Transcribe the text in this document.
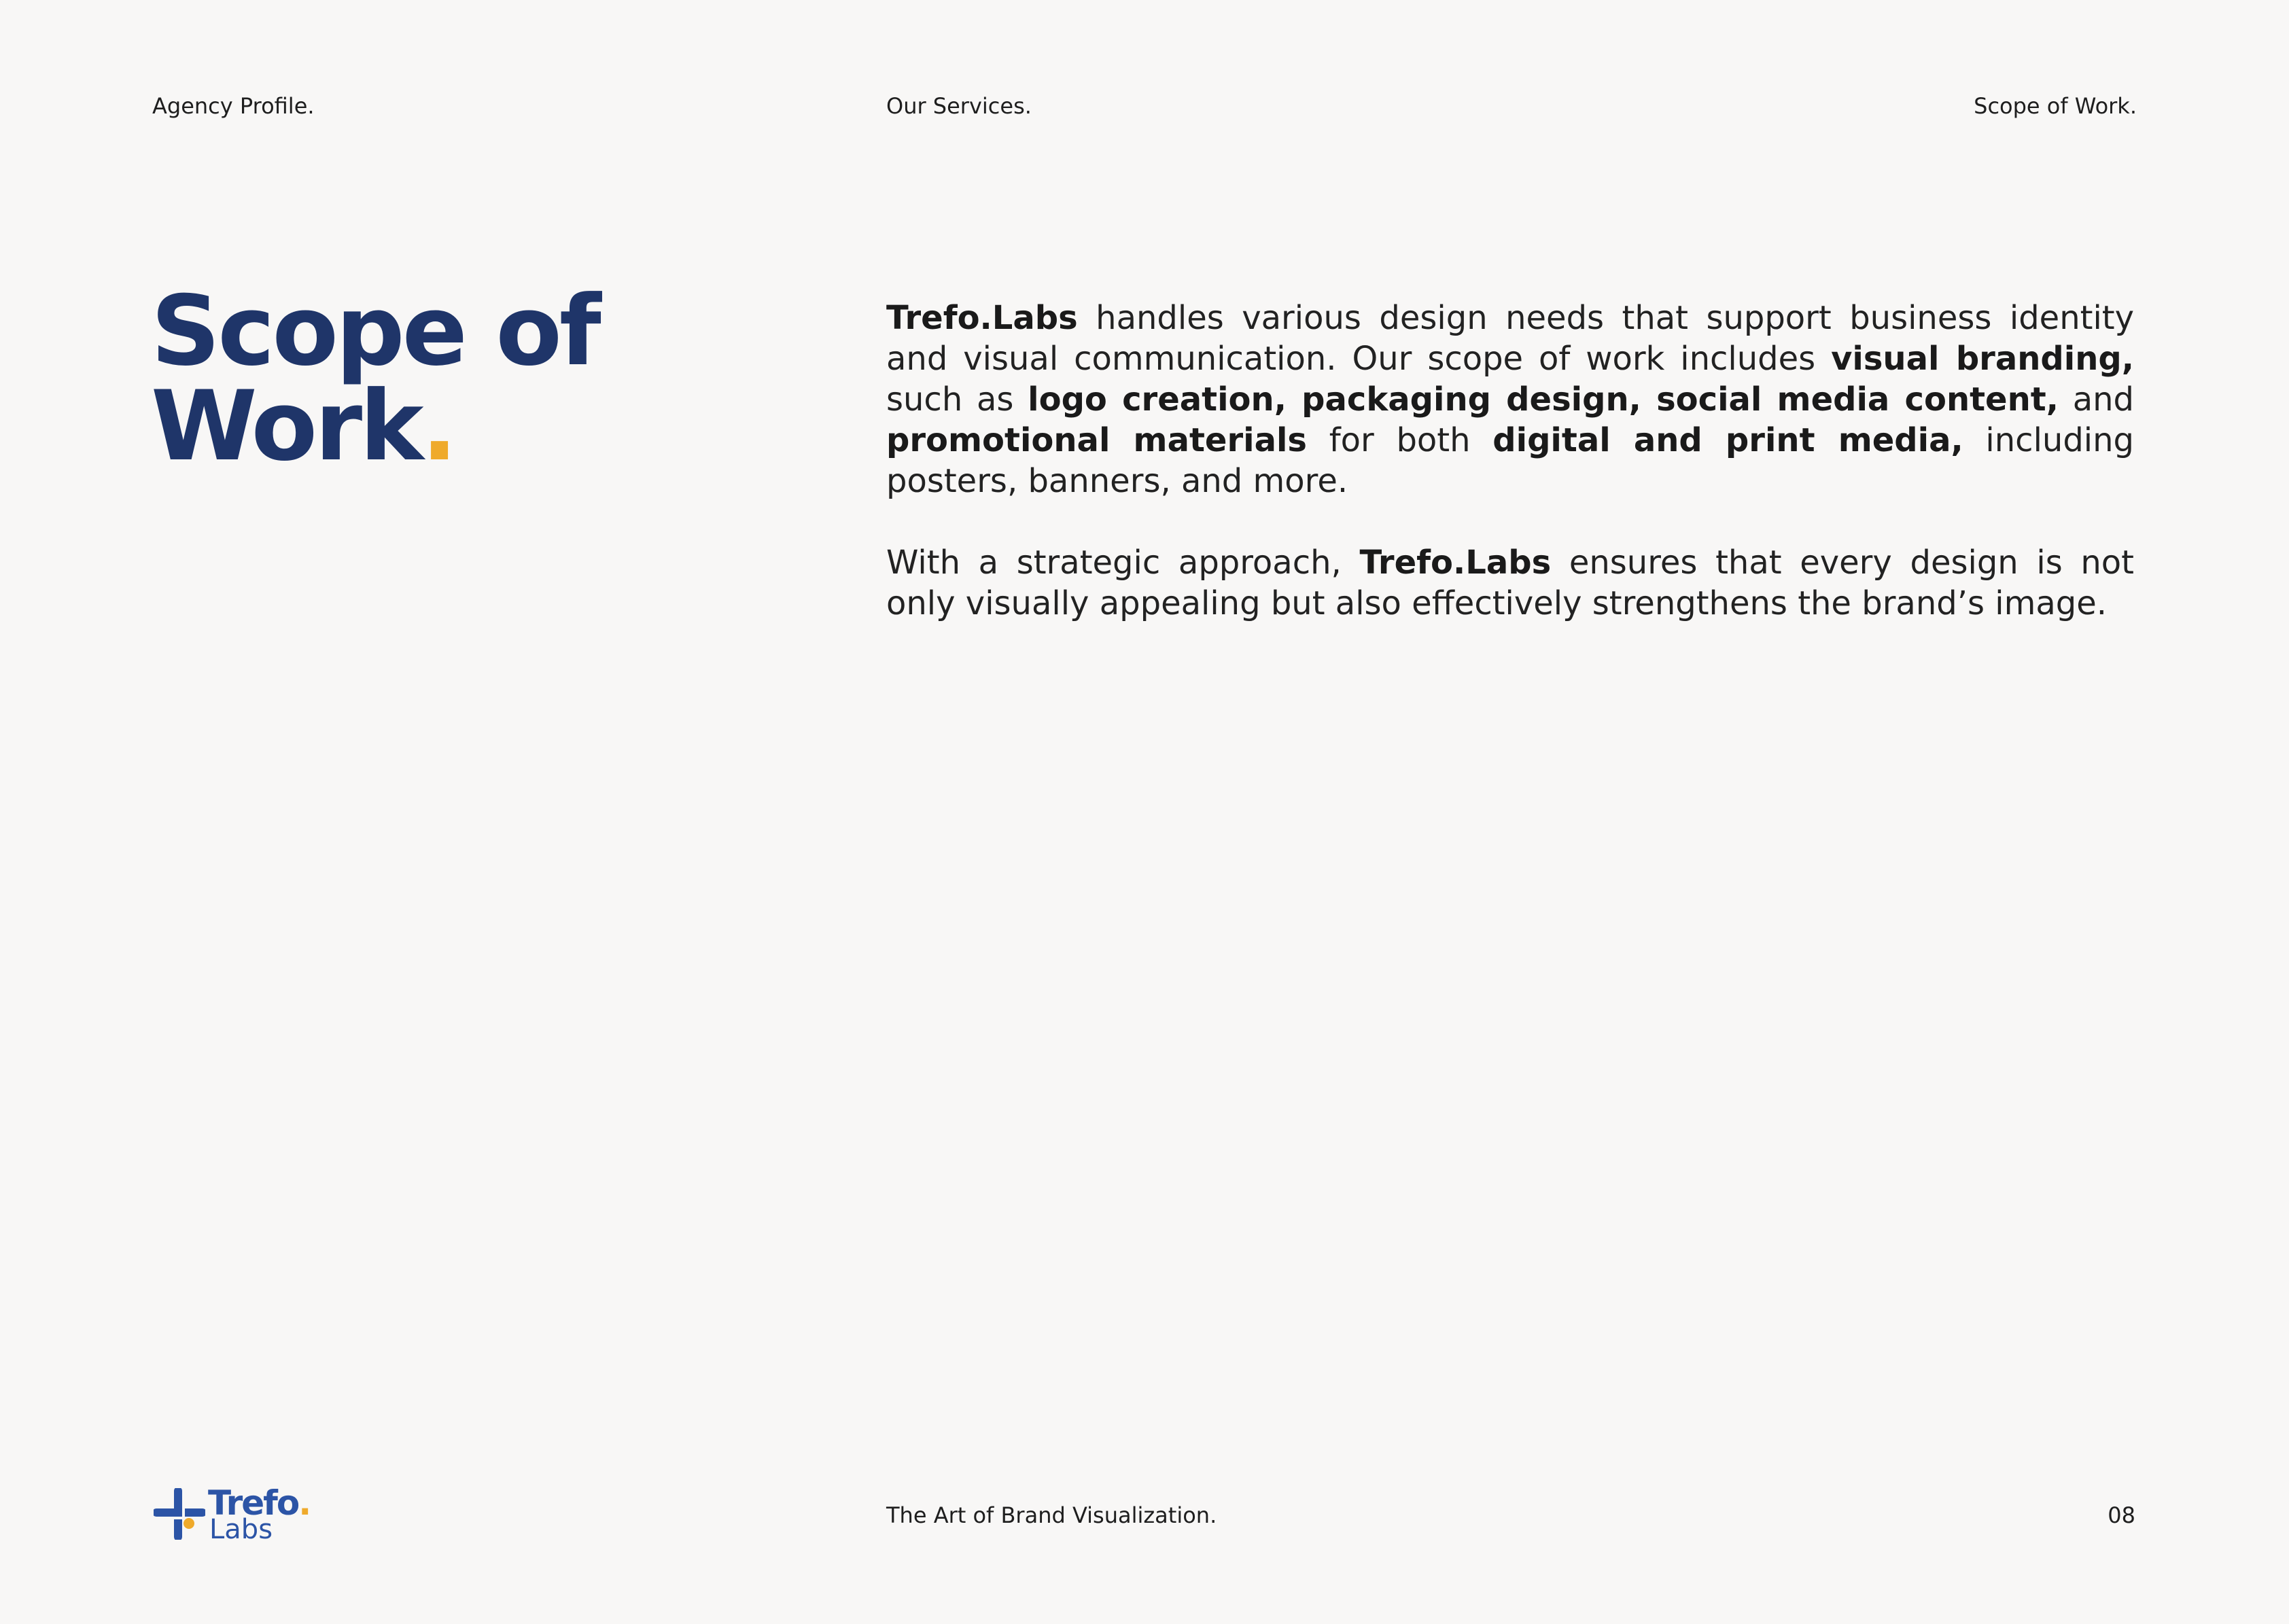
Agency Profile.	Our Services.	Scope of Work.
Scope of
Work.

Trefo.Labs handles various design needs that support business identity and visual communication. Our scope of work includes visual branding, such as logo creation, packaging design, social media content, and promotional materials for both digital and print media, including posters, banners, and more.

With a strategic approach, Trefo.Labs ensures that every design is not only visually appealing but also effectively strengthens the brand’s image.

Trefo.
Labs	The Art of Brand Visualization.	08
